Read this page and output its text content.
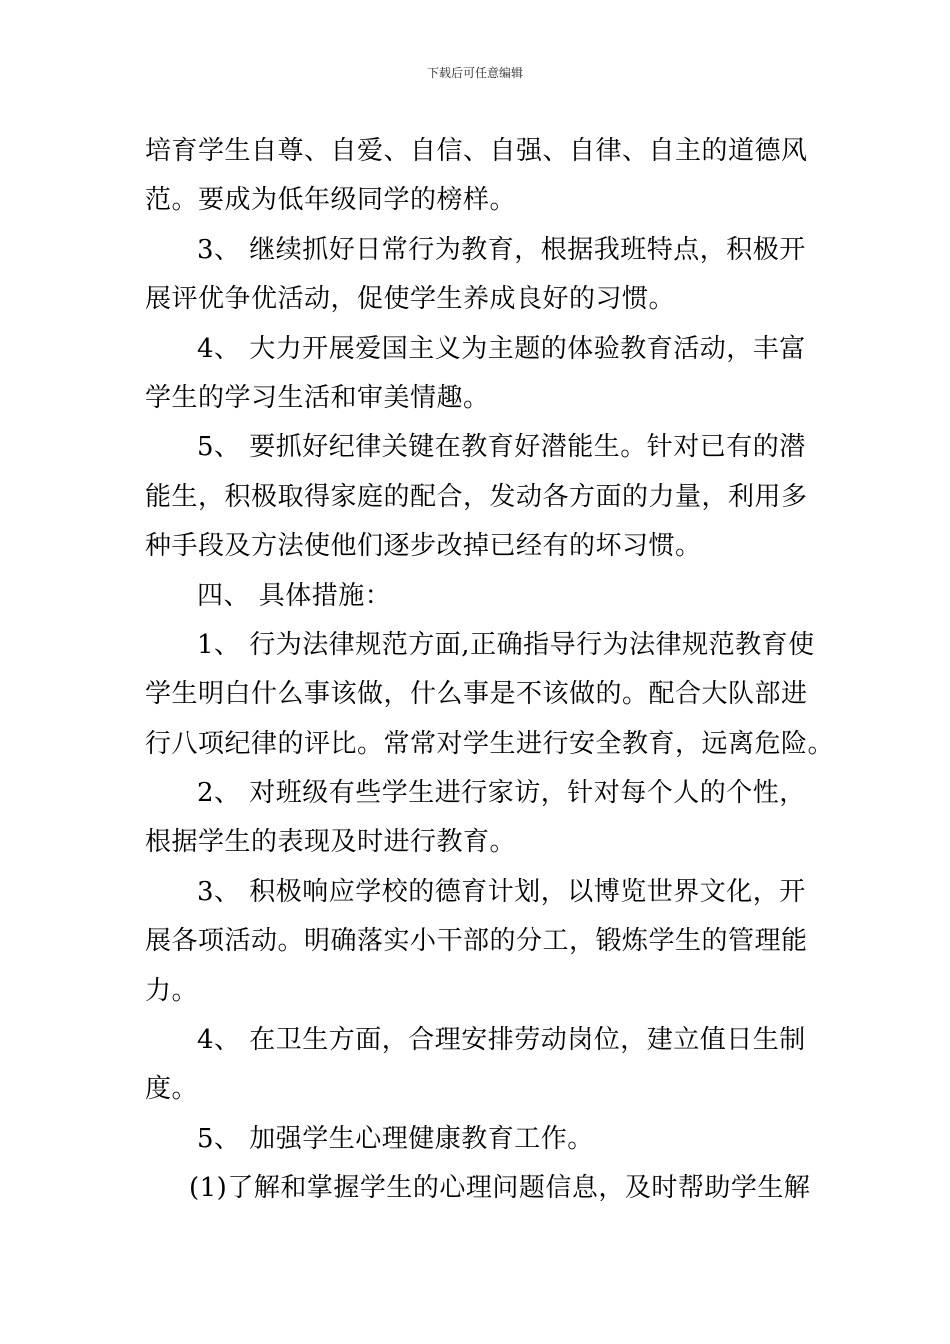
下载后可任意编辑
培育学生自尊、自爱、自信、自强、自律、自主的道德风
范。要成为低年级同学的榜样。
3、 继续抓好日常行为教育，根据我班特点，积极开
展评优争优活动，促使学生养成良好的习惯。
4、 大力开展爱国主义为主题的体验教育活动，丰富
学生的学习生活和审美情趣。
5、 要抓好纪律关键在教育好潜能生。针对已有的潜
能生，积极取得家庭的配合，发动各方面的力量，利用多
种手段及方法使他们逐步改掉已经有的坏习惯。
四、 具体措施：
1、 行为法律规范方面,正确指导行为法律规范教育使
学生明白什么事该做，什么事是不该做的。配合大队部进
行八项纪律的评比。常常对学生进行安全教育，远离危险。
2、 对班级有些学生进行家访，针对每个人的个性，
根据学生的表现及时进行教育。
3、 积极响应学校的德育计划，以博览世界文化，开
展各项活动。明确落实小干部的分工，锻炼学生的管理能
力。
4、 在卫生方面，合理安排劳动岗位，建立值日生制
度。
5、 加强学生心理健康教育工作。
(1)了解和掌握学生的心理问题信息，及时帮助学生解
